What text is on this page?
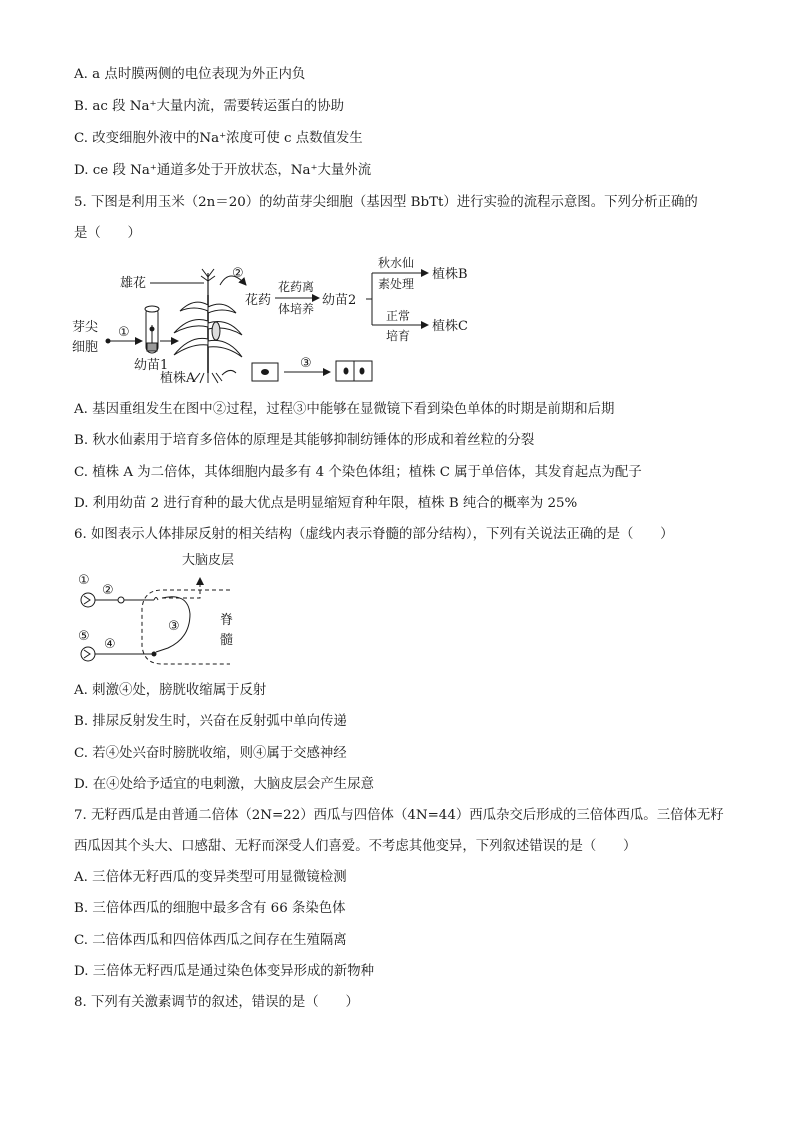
A. a 点时膜两侧的电位表现为外正内负
B. ac 段 Na⁺大量内流，需要转运蛋白的协助
C. 改变细胞外液中的Na⁺浓度可使 c 点数值发生
D. ce 段 Na⁺通道多处于开放状态，Na⁺大量外流
5. 下图是利用玉米（2n＝20）的幼苗芽尖细胞（基因型 BbTt）进行实验的流程示意图。下列分析正确的
是（　　）
雄花
②
花药
花药离
体培养
幼苗2
秋水仙
素处理
植株B
正常
培育
植株C
芽尖
细胞
①
幼苗1
植株A
③
A. 基因重组发生在图中②过程，过程③中能够在显微镜下看到染色单体的时期是前期和后期
B. 秋水仙素用于培育多倍体的原理是其能够抑制纺锤体的形成和着丝粒的分裂
C. 植株 A 为二倍体，其体细胞内最多有 4 个染色体组；植株 C 属于单倍体，其发育起点为配子
D. 利用幼苗 2 进行育种的最大优点是明显缩短育种年限，植株 B 纯合的概率为 25%
6. 如图表示人体排尿反射的相关结构（虚线内表示脊髓的部分结构），下列有关说法正确的是（　　）
大脑皮层
①
②
③	脊
髓
⑤
④
A. 刺激④处，膀胱收缩属于反射
B. 排尿反射发生时，兴奋在反射弧中单向传递
C. 若④处兴奋时膀胱收缩，则④属于交感神经
D. 在④处给予适宜的电刺激，大脑皮层会产生尿意
7. 无籽西瓜是由普通二倍体（2N=22）西瓜与四倍体（4N=44）西瓜杂交后形成的三倍体西瓜。三倍体无籽
西瓜因其个头大、口感甜、无籽而深受人们喜爱。不考虑其他变异，下列叙述错误的是（　　）
A. 三倍体无籽西瓜的变异类型可用显微镜检测
B. 三倍体西瓜的细胞中最多含有 66 条染色体
C. 二倍体西瓜和四倍体西瓜之间存在生殖隔离
D. 三倍体无籽西瓜是通过染色体变异形成的新物种
8. 下列有关激素调节的叙述，错误的是（　　）
